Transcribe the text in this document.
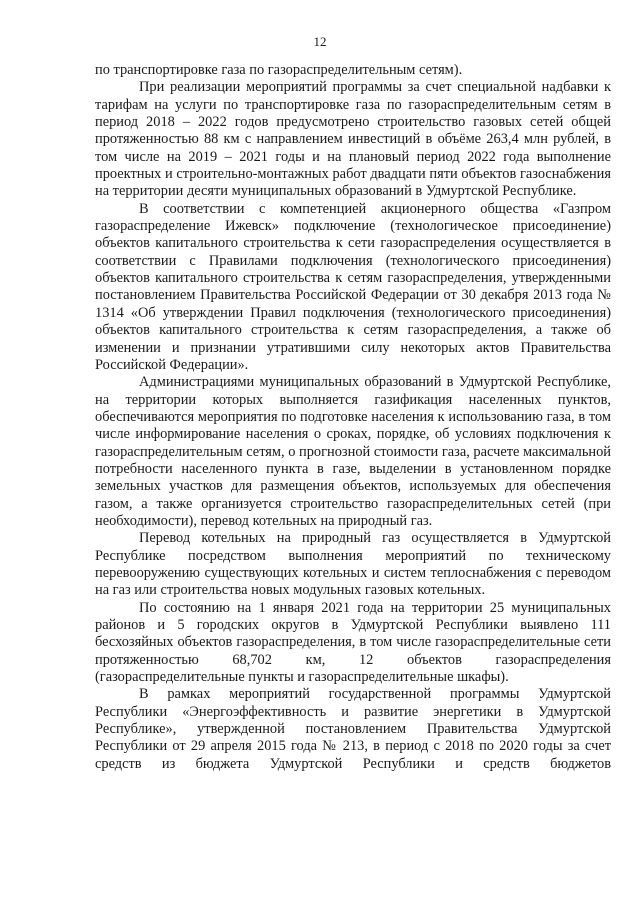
12

по транспортировке газа по газораспределительным сетям).

При реализации мероприятий программы за счет специальной надбавки к тарифам на услуги по транспортировке газа по газораспределительным сетям в период 2018 – 2022 годов предусмотрено строительство газовых сетей общей протяженностью 88 км с направлением инвестиций в объёме 263,4 млн рублей, в том числе на 2019 – 2021 годы и на плановый период 2022 года выполнение проектных и строительно-монтажных работ двадцати пяти объектов газоснабжения на территории десяти муниципальных образований в Удмуртской Республике.

В соответствии с компетенцией акционерного общества «Газпром газораспределение Ижевск» подключение (технологическое присоединение) объектов капитального строительства к сети газораспределения осуществляется в соответствии с Правилами подключения (технологического присоединения) объектов капитального строительства к сетям газораспределения, утвержденными постановлением Правительства Российской Федерации от 30 декабря 2013 года № 1314 «Об утверждении Правил подключения (технологического присоединения) объектов капитального строительства к сетям газораспределения, а также об изменении и признании утратившими силу некоторых актов Правительства Российской Федерации».

Администрациями муниципальных образований в Удмуртской Республике, на территории которых выполняется газификация населенных пунктов, обеспечиваются мероприятия по подготовке населения к использованию газа, в том числе информирование населения о сроках, порядке, об условиях подключения к газораспределительным сетям, о прогнозной стоимости газа, расчете максимальной потребности населенного пункта в газе, выделении в установленном порядке земельных участков для размещения объектов, используемых для обеспечения газом, а также организуется строительство газораспределительных сетей (при необходимости), перевод котельных на природный газ.

Перевод котельных на природный газ осуществляется в Удмуртской Республике посредством выполнения мероприятий по техническому перевооружению существующих котельных и систем теплоснабжения с переводом на газ или строительства новых модульных газовых котельных.

По состоянию на 1 января 2021 года на территории 25 муниципальных районов и 5 городских округов в Удмуртской Республики выявлено 111 бесхозяйных объектов газораспределения, в том числе газораспределительные сети протяженностью 68,702 км, 12 объектов газораспределения (газораспределительные пункты и газораспределительные шкафы).

В рамках мероприятий государственной программы Удмуртской Республики «Энергоэффективность и развитие энергетики в Удмуртской Республике», утвержденной постановлением Правительства Удмуртской Республики от 29 апреля 2015 года № 213, в период с 2018 по 2020 годы за счет средств из бюджета Удмуртской Республики и средств бюджетов
